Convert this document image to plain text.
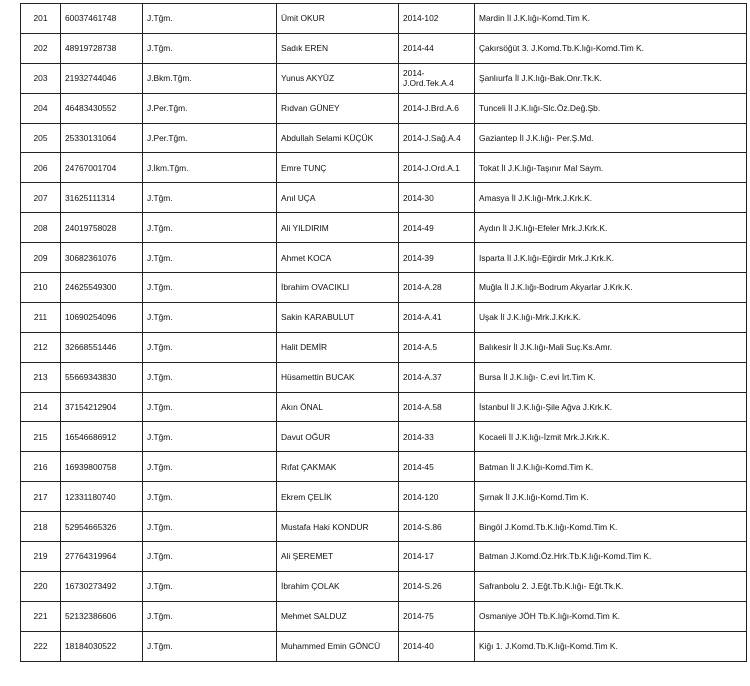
201	60037461748	J.Tğm.	Ümit OKUR	2014-102	Mardin İl J.K.lığı-Komd.Tim K.
202	48919728738	J.Tğm.	Sadık EREN	2014-44	Çakırsöğüt 3. J.Komd.Tb.K.lığı-Komd.Tim K.
203	21932744046	J.Bkm.Tğm.	Yunus AKYÜZ	2014-J.Ord.Tek.A.4	Şanlıurfa İl J.K.lığı-Bak.Onr.Tk.K.
204	46483430552	J.Per.Tğm.	Rıdvan GÜNEY	2014-J.Brd.A.6	Tunceli İl J.K.lığı-Slc.Öz.Değ.Şb.
205	25330131064	J.Per.Tğm.	Abdullah Selami KÜÇÜK	2014-J.Sağ.A.4	Gaziantep İl J.K.lığı- Per.Ş.Md.
206	24767001704	J.İkm.Tğm.	Emre TUNÇ	2014-J.Ord.A.1	Tokat İl J.K.lığı-Taşınır Mal Saym.
207	31625111314	J.Tğm.	Anıl UÇA	2014-30	Amasya İl J.K.lığı-Mrk.J.Krk.K.
208	24019758028	J.Tğm.	Ali YILDIRIM	2014-49	Aydın İl J.K.lığı-Efeler Mrk.J.Krk.K.
209	30682361076	J.Tğm.	Ahmet KOCA	2014-39	Isparta İl J.K.lığı-Eğirdir Mrk.J.Krk.K.
210	24625549300	J.Tğm.	İbrahim OVACIKLI	2014-A.28	Muğla İl J.K.lığı-Bodrum Akyarlar J.Krk.K.
211	10690254096	J.Tğm.	Sakin KARABULUT	2014-A.41	Uşak İl J.K.lığı-Mrk.J.Krk.K.
212	32668551446	J.Tğm.	Halit DEMİR	2014-A.5	Balıkesir İl J.K.lığı-Mali Suç.Ks.Amr.
213	55669343830	J.Tğm.	Hüsamettin BUCAK	2014-A.37	Bursa İl J.K.lığı- C.evi İrt.Tim K.
214	37154212904	J.Tğm.	Akın ÖNAL	2014-A.58	İstanbul İl J.K.lığı-Şile Ağva J.Krk.K.
215	16546686912	J.Tğm.	Davut OĞUR	2014-33	Kocaeli İl J.K.lığı-İzmit Mrk.J.Krk.K.
216	16939800758	J.Tğm.	Rıfat ÇAKMAK	2014-45	Batman İl J.K.lığı-Komd.Tim K.
217	12331180740	J.Tğm.	Ekrem ÇELİK	2014-120	Şırnak İl J.K.lığı-Komd.Tim K.
218	52954665326	J.Tğm.	Mustafa Haki KONDUR	2014-S.86	Bingöl J.Komd.Tb.K.lığı-Komd.Tim K.
219	27764319964	J.Tğm.	Ali ŞEREMET	2014-17	Batman J.Komd.Öz.Hrk.Tb.K.lığı-Komd.Tim K.
220	16730273492	J.Tğm.	İbrahim ÇOLAK	2014-S.26	Safranbolu 2. J.Eğt.Tb.K.lığı- Eğt.Tk.K.
221	52132386606	J.Tğm.	Mehmet SALDUZ	2014-75	Osmaniye JÖH Tb.K.lığı-Komd.Tim K.
222	18184030522	J.Tğm.	Muhammed Emin GÖNCÜ	2014-40	Kiğı 1. J.Komd.Tb.K.lığı-Komd.Tim K.
